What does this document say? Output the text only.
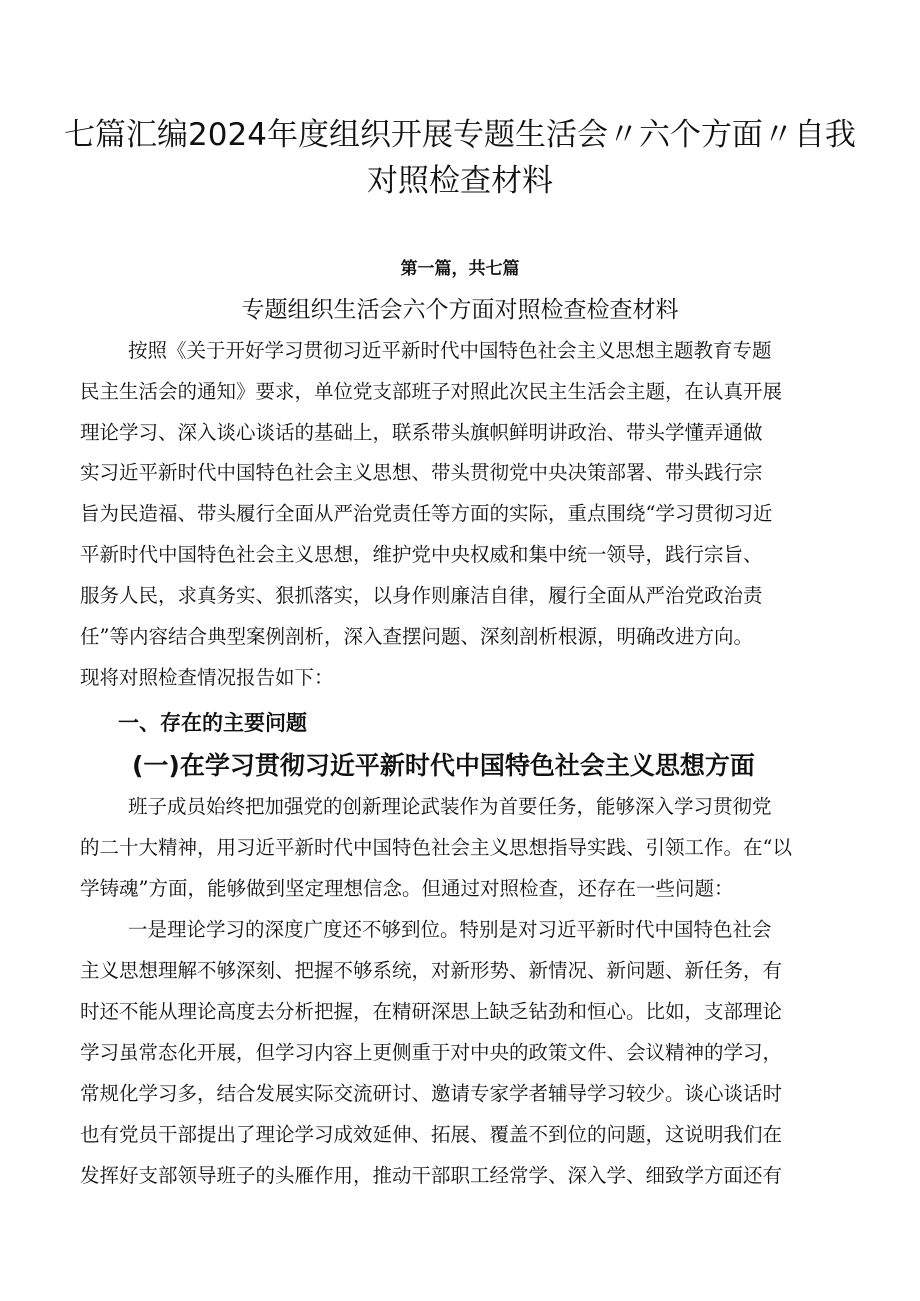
七篇汇编2024年度组织开展专题生活会〃六个方面〃自我
对照检查材料

第一篇，共七篇

专题组织生活会六个方面对照检查检查材料

按照《关于开好学习贯彻习近平新时代中国特色社会主义思想主题教育专题

民主生活会的通知》要求，单位党支部班子对照此次民主生活会主题，在认真开展

理论学习、深入谈心谈话的基础上，联系带头旗帜鲜明讲政治、带头学懂弄通做

实习近平新时代中国特色社会主义思想、带头贯彻党中央决策部署、带头践行宗

旨为民造福、带头履行全面从严治党责任等方面的实际，重点围绕“学习贯彻习近

平新时代中国特色社会主义思想，维护党中央权威和集中统一领导，践行宗旨、

服务人民，求真务实、狠抓落实，以身作则廉洁自律，履行全面从严治党政治责

任”等内容结合典型案例剖析，深入查摆问题、深刻剖析根源，明确改进方向。

现将对照检查情况报告如下：

一、存在的主要问题
(一)在学习贯彻习近平新时代中国特色社会主义思想方面

班子成员始终把加强党的创新理论武装作为首要任务，能够深入学习贯彻党

的二十大精神，用习近平新时代中国特色社会主义思想指导实践、引领工作。在“以

学铸魂”方面，能够做到坚定理想信念。但通过对照检查，还存在一些问题：

一是理论学习的深度广度还不够到位。特别是对习近平新时代中国特色社会

主义思想理解不够深刻、把握不够系统，对新形势、新情况、新问题、新任务，有

时还不能从理论高度去分析把握，在精研深思上缺乏钻劲和恒心。比如，支部理论

学习虽常态化开展，但学习内容上更侧重于对中央的政策文件、会议精神的学习，

常规化学习多，结合发展实际交流研讨、邀请专家学者辅导学习较少。谈心谈话时

也有党员干部提出了理论学习成效延伸、拓展、覆盖不到位的问题，这说明我们在

发挥好支部领导班子的头雁作用，推动干部职工经常学、深入学、细致学方面还有
